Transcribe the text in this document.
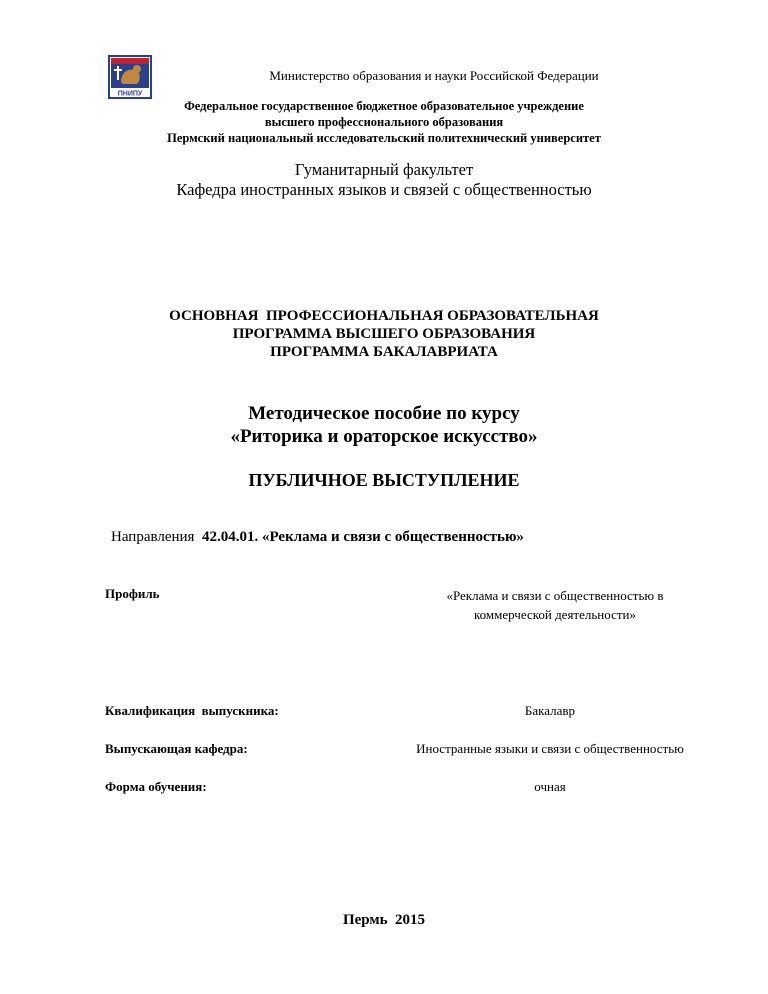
ПНИПУ
Министерство образования и науки Российской Федерации
Федеральное государственное бюджетное образовательное учреждение
высшего профессионального образования
Пермский национальный исследовательский политехнический университет
Гуманитарный факультет
Кафедра иностранных языков и связей с общественностью
ОСНОВНАЯ  ПРОФЕССИОНАЛЬНАЯ ОБРАЗОВАТЕЛЬНАЯ
ПРОГРАММА ВЫСШЕГО ОБРАЗОВАНИЯ
ПРОГРАММА БАКАЛАВРИАТА
Методическое пособие по курсу
«Риторика и ораторское искусство»
ПУБЛИЧНОЕ ВЫСТУПЛЕНИЕ
Направления 42.04.01. «Реклама и связи с общественностью»
Профиль	«Реклама и связи с общественностью в
коммерческой деятельности»
Квалификация  выпускника:	Бакалавр
Выпускающая кафедра:	Иностранные языки и связи с общественностью
Форма обучения:	очная
Пермь  2015
